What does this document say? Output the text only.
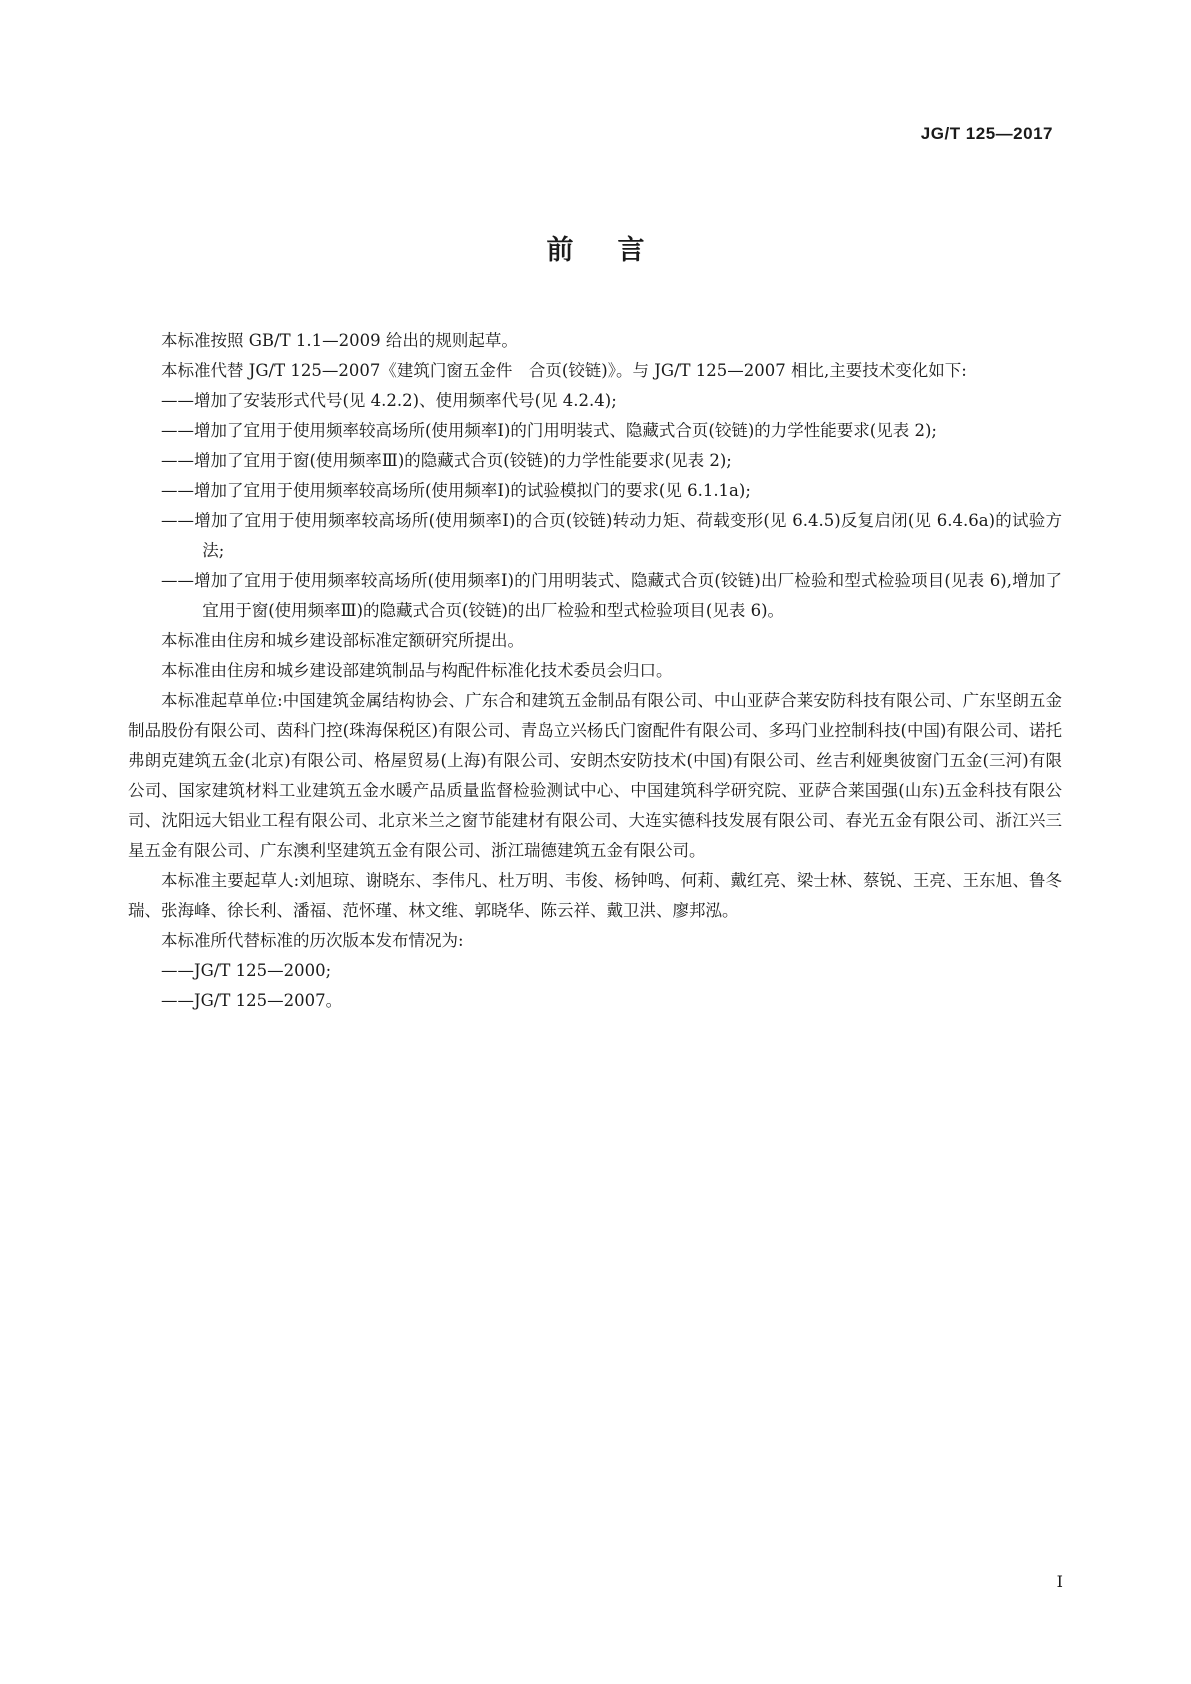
JG/T 125—2017
前言

本标准按照 GB/T 1.1—2009 给出的规则起草。

本标准代替 JG/T 125—2007《建筑门窗五金件　合页(铰链)》。与 JG/T 125—2007 相比,主要技术变化如下:

——增加了安装形式代号(见 4.2.2)、使用频率代号(见 4.2.4);

——增加了宜用于使用频率较高场所(使用频率Ⅰ)的门用明装式、隐藏式合页(铰链)的力学性能要求(见表 2);

——增加了宜用于窗(使用频率Ⅲ)的隐藏式合页(铰链)的力学性能要求(见表 2);

——增加了宜用于使用频率较高场所(使用频率Ⅰ)的试验模拟门的要求(见 6.1.1a);

——增加了宜用于使用频率较高场所(使用频率Ⅰ)的合页(铰链)转动力矩、荷载变形(见 6.4.5)反复启闭(见 6.4.6a)的试验方法;

——增加了宜用于使用频率较高场所(使用频率Ⅰ)的门用明装式、隐藏式合页(铰链)出厂检验和型式检验项目(见表 6),增加了宜用于窗(使用频率Ⅲ)的隐藏式合页(铰链)的出厂检验和型式检验项目(见表 6)。

本标准由住房和城乡建设部标准定额研究所提出。

本标准由住房和城乡建设部建筑制品与构配件标准化技术委员会归口。

本标准起草单位:中国建筑金属结构协会、广东合和建筑五金制品有限公司、中山亚萨合莱安防科技有限公司、广东坚朗五金制品股份有限公司、茵科门控(珠海保税区)有限公司、青岛立兴杨氏门窗配件有限公司、多玛门业控制科技(中国)有限公司、诺托弗朗克建筑五金(北京)有限公司、格屋贸易(上海)有限公司、安朗杰安防技术(中国)有限公司、丝吉利娅奥彼窗门五金(三河)有限公司、国家建筑材料工业建筑五金水暖产品质量监督检验测试中心、中国建筑科学研究院、亚萨合莱国强(山东)五金科技有限公司、沈阳远大铝业工程有限公司、北京米兰之窗节能建材有限公司、大连实德科技发展有限公司、春光五金有限公司、浙江兴三星五金有限公司、广东澳利坚建筑五金有限公司、浙江瑞德建筑五金有限公司。

本标准主要起草人:刘旭琼、谢晓东、李伟凡、杜万明、韦俊、杨钟鸣、何莉、戴红亮、梁士林、蔡锐、王亮、王东旭、鲁冬瑞、张海峰、徐长利、潘福、范怀瑾、林文维、郭晓华、陈云祥、戴卫洪、廖邦泓。

本标准所代替标准的历次版本发布情况为:

——JG/T 125—2000;

——JG/T 125—2007。

I
